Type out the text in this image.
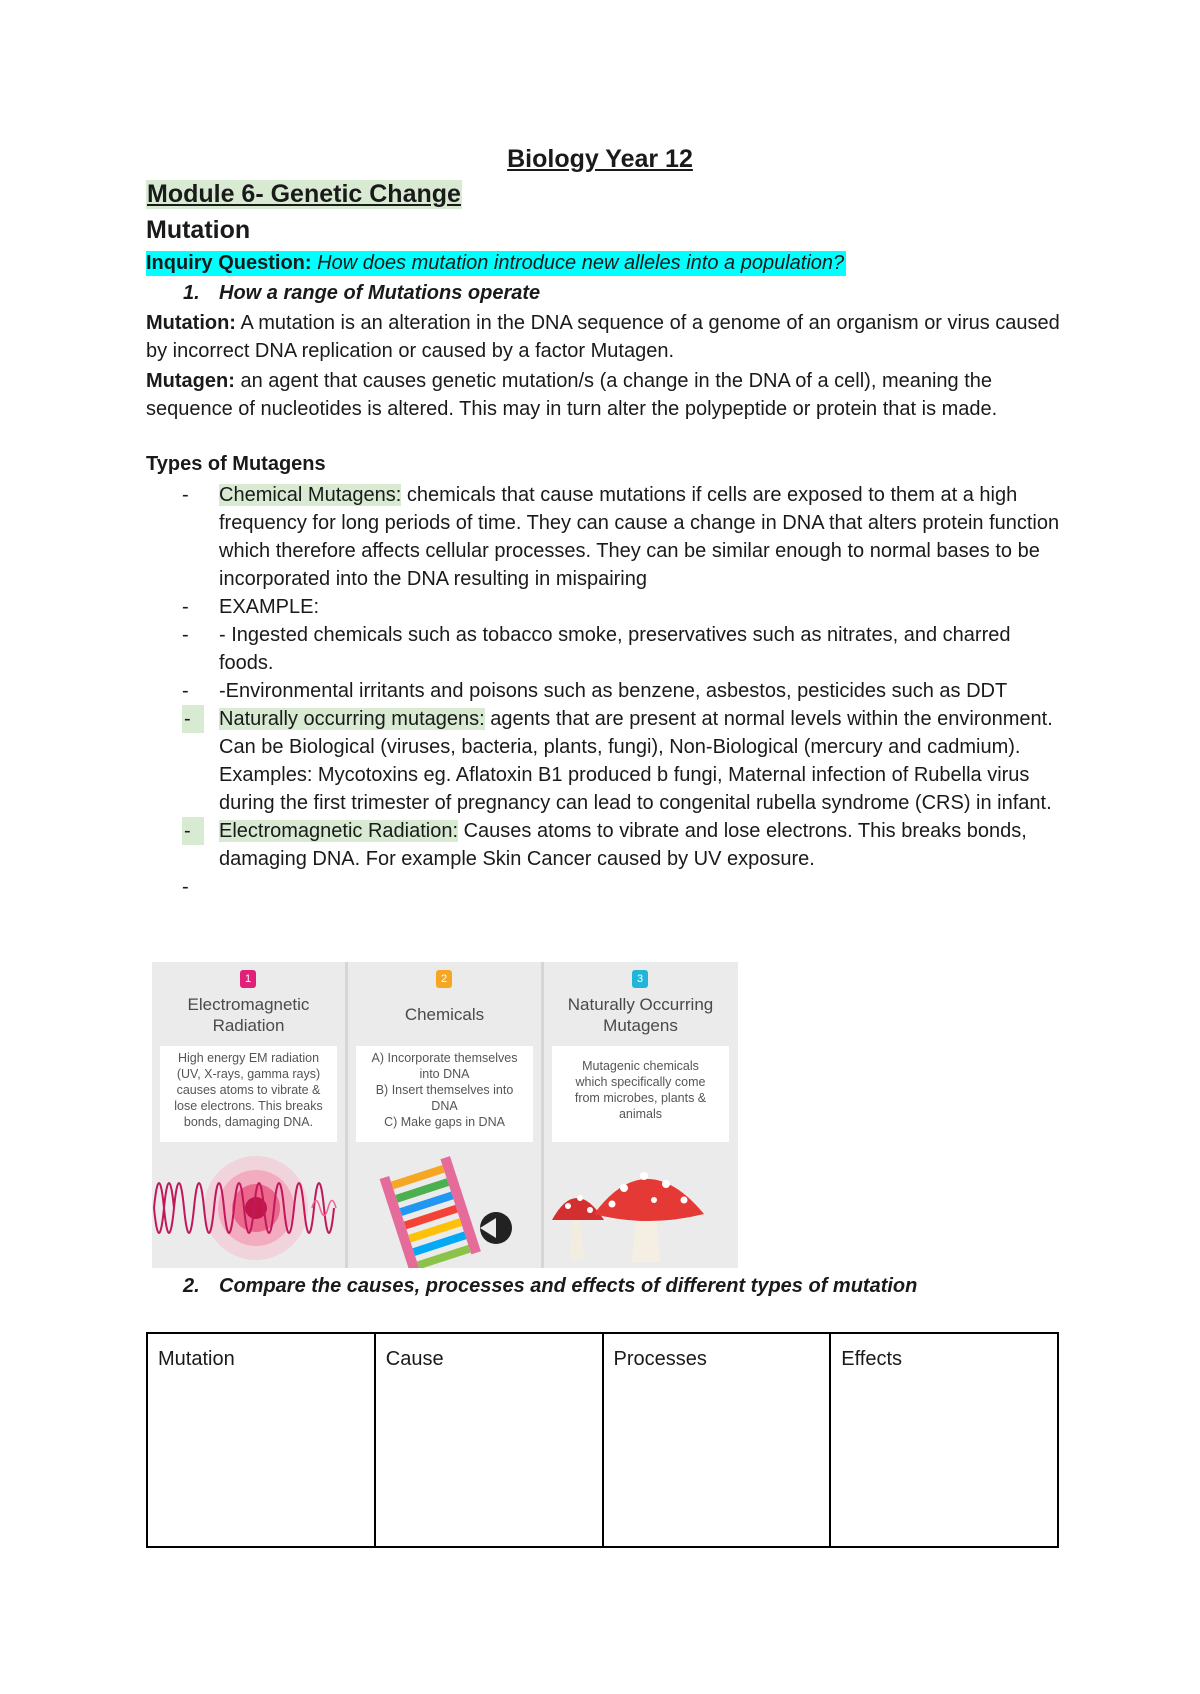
Biology Year 12

Module 6- Genetic Change

Mutation

Inquiry Question: How does mutation introduce new alleles into a population?

1. How a range of Mutations operate

Mutation: A mutation is an alteration in the DNA sequence of a genome of an organism or virus caused by incorrect DNA replication or caused by a factor Mutagen.

Mutagen: an agent that causes genetic mutation/s (a change in the DNA of a cell), meaning the sequence of nucleotides is altered. This may in turn alter the polypeptide or protein that is made.

Types of Mutagens

-	Chemical Mutagens: chemicals that cause mutations if cells are exposed to them at a high frequency for long periods of time. They can cause a change in DNA that alters protein function which therefore affects cellular processes. They can be similar enough to normal bases to be incorporated into the DNA resulting in mispairing
-	EXAMPLE:
-	- Ingested chemicals such as tobacco smoke, preservatives such as nitrates, and charred foods.
-	-Environmental irritants and poisons such as benzene, asbestos, pesticides such as DDT
-	Naturally occurring mutagens: agents that are present at normal levels within the environment. Can be Biological (viruses, bacteria, plants, fungi), Non-Biological (mercury and cadmium). Examples: Mycotoxins eg. Aflatoxin B1 produced b fungi, Maternal infection of Rubella virus during the first trimester of pregnancy can lead to congenital rubella syndrome (CRS) in infant.
-	Electromagnetic Radiation: Causes atoms to vibrate and lose electrons. This breaks bonds, damaging DNA. For example Skin Cancer caused by UV exposure.
-

1
Electromagnetic Radiation
High energy EM radiation
(UV, X-rays, gamma rays)
causes atoms to vibrate &
lose electrons. This breaks
bonds, damaging DNA.
2
Chemicals
A) Incorporate themselves
into DNA
B) Insert themselves into
DNA
C) Make gaps in DNA
3
Naturally Occurring Mutagens
Mutagenic chemicals
which specifically come
from microbes, plants &
animals

2. Compare the causes, processes and effects of different types of mutation

Mutation	Cause	Processes	Effects
